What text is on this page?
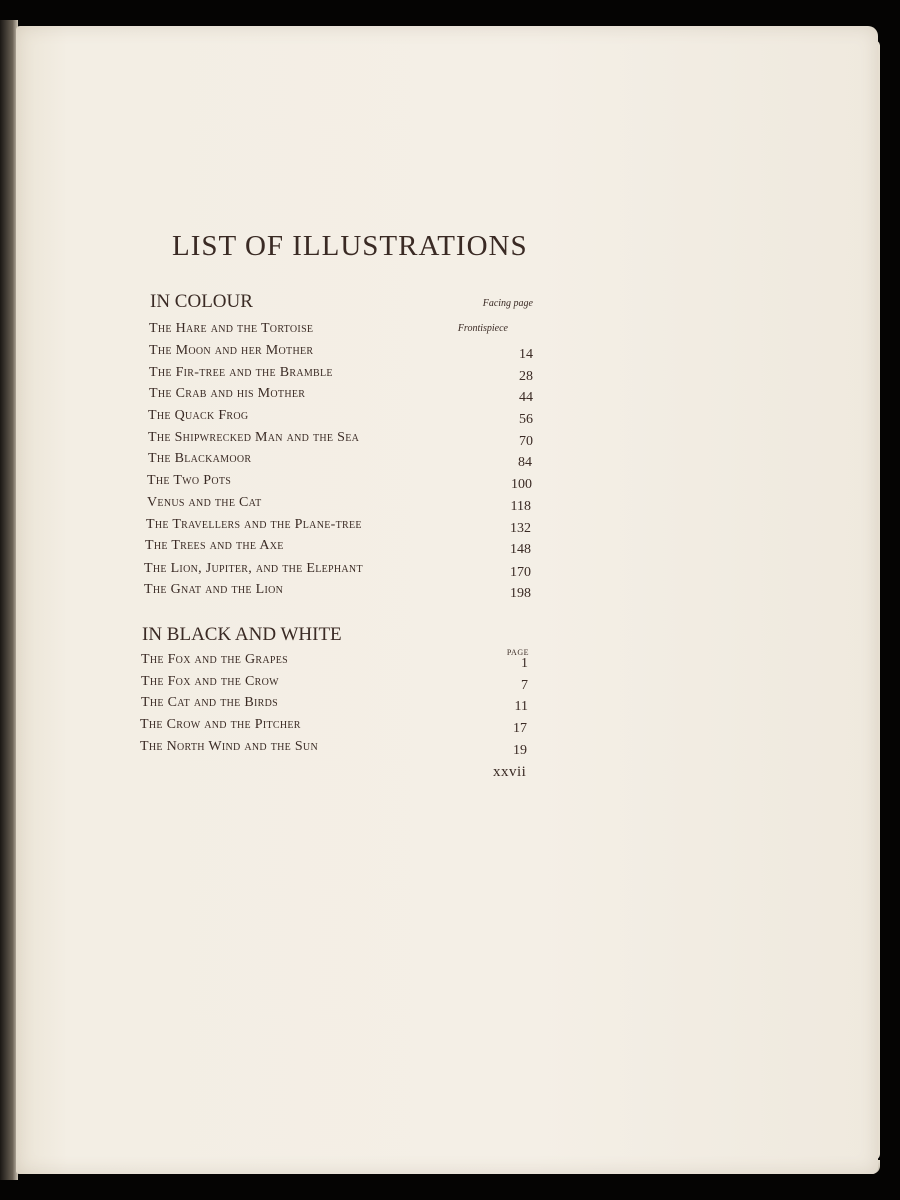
LIST OF ILLUSTRATIONS
IN COLOUR	Facing page
The Hare and the Tortoise	Frontispiece
The Moon and her Mother	14
The Fir-tree and the Bramble	28
The Crab and his Mother	44
The Quack Frog	56
The Shipwrecked Man and the Sea	70
The Blackamoor	84
The Two Pots	100
Venus and the Cat	118
The Travellers and the Plane-tree	132
The Trees and the Axe	148
The Lion, Jupiter, and the Elephant	170
The Gnat and the Lion	198
IN BLACK AND WHITE
PAGE
The Fox and the Grapes	1
The Fox and the Crow	7
The Cat and the Birds	11
The Crow and the Pitcher	17
The North Wind and the Sun	19
xxvii
